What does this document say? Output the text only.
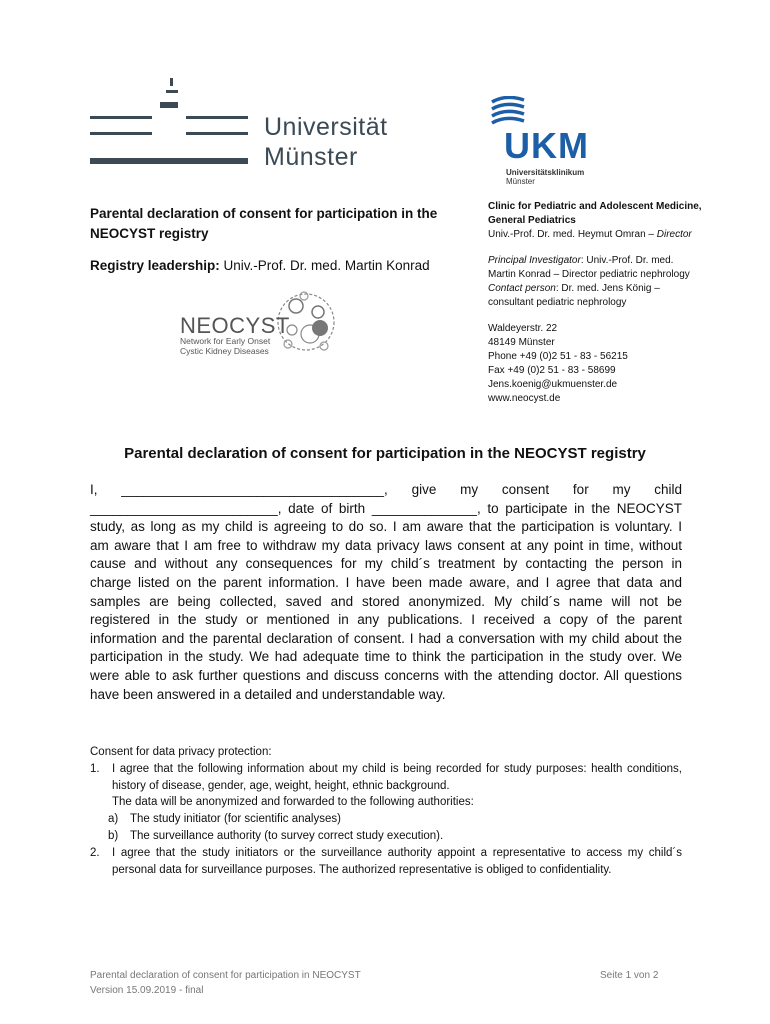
Universität
Münster	UKM
Universitätsklinikum
Münster
Parental declaration of consent for participation in the NEOCYST registry
Registry leadership: Univ.-Prof. Dr. med. Martin Konrad
NEOCYST
Network for Early Onset
Cystic Kidney Diseases

Clinic for Pediatric and Adolescent Medicine,

General Pediatrics

Univ.-Prof. Dr. med. Heymut Omran – Director

Principal Investigator: Univ.-Prof. Dr. med.

Martin Konrad – Director pediatric nephrology

Contact person: Dr. med. Jens König –

consultant pediatric nephrology

Waldeyerstr. 22

48149 Münster

Phone +49 (0)2 51 - 83 - 56215

Fax +49 (0)2 51 - 83 - 58699

Jens.koenig@ukmuenster.de

www.neocyst.de

Parental declaration of consent for participation in the NEOCYST registry
I, ___________________________________, give my consent for my child
_________________________, date of birth ______________, to participate in the NEOCYST
study, as long as my child is agreeing to do so. I am aware that the participation is voluntary. I
am aware that I am free to withdraw my data privacy laws consent at any point in time, without
cause and without any consequences for my child´s treatment by contacting the person in
charge listed on the parent information. I have been made aware, and I agree that data and
samples are being collected, saved and stored anonymized. My child´s name will not be
registered in the study or mentioned in any publications. I received a copy of the parent
information and the parental declaration of consent. I had a conversation with my child about the
participation in the study. We had adequate time to think the participation in the study over. We
were able to ask further questions and discuss concerns with the attending doctor. All questions
have been answered in a detailed and understandable way.
Consent for data privacy protection:
1.	I agree that the following information about my child is being recorded for study purposes: health conditions, history of disease, gender, age, weight, height, ethnic background.
The data will be anonymized and forwarded to the following authorities:
a) The study initiator (for scientific analyses)
b) The surveillance authority (to survey correct study execution).
2.	I agree that the study initiators or the surveillance authority appoint a representative to access my child´s personal data for surveillance purposes. The authorized representative is obliged to confidentiality.
Parental declaration of consent for participation in NEOCYST
Version 15.09.2019 - final
Seite 1 von 2
